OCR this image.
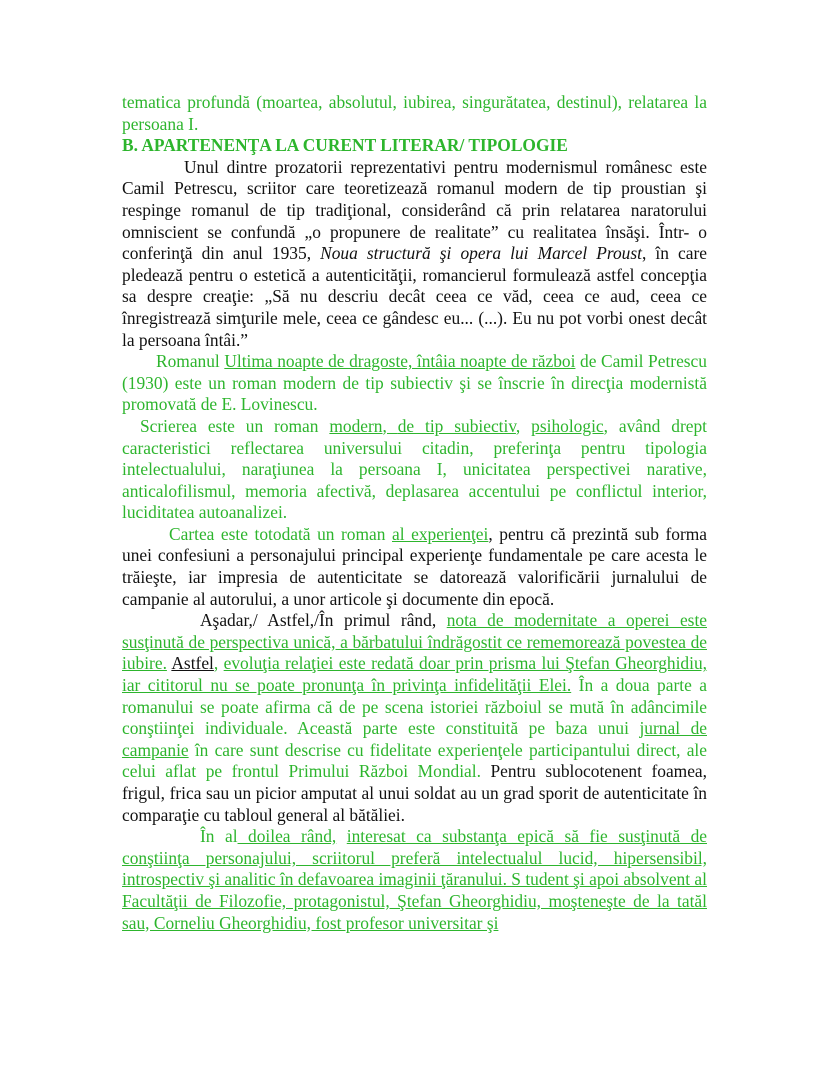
tematica profundă (moartea, absolutul, iubirea, singurătatea, destinul), relatarea la persoana I.

B. APARTENENŢA LA CURENT LITERAR/ TIPOLOGIE

Unul dintre prozatorii reprezentativi pentru modernismul românesc este Camil Petrescu, scriitor care teoretizează romanul modern de tip proustian şi respinge romanul de tip tradiţional, considerând că prin relatarea naratorului omniscient se confundă „o propunere de realitate” cu realitatea însăşi. Într- o conferinţă din anul 1935, Noua structură şi opera lui Marcel Proust, în care pledează pentru o estetică a autenticităţii, romancierul formulează astfel concepţia sa despre creaţie: „Să nu descriu decât ceea ce văd, ceea ce aud, ceea ce înregistrează simţurile mele, ceea ce gândesc eu... (...). Eu nu pot vorbi onest decât la persoana întâi.”

Romanul Ultima noapte de dragoste, întâia noapte de război de Camil Petrescu (1930) este un roman modern de tip subiectiv şi se înscrie în direcţia modernistă promovată de E. Lovinescu.

Scrierea este un roman modern, de tip subiectiv, psihologic, având drept caracteristici reflectarea universului citadin, preferinţa pentru tipologia intelectualului, naraţiunea la persoana I, unicitatea perspectivei narative, anticalofilismul, memoria afectivă, deplasarea accentului pe conflictul interior, luciditatea autoanalizei.

Cartea este totodată un roman al experienţei, pentru că prezintă sub forma unei confesiuni a personajului principal experienţe fundamentale pe care acesta le trăieşte, iar impresia de autenticitate se datorează valorificării jurnalului de campanie al autorului, a unor articole şi documente din epocă.

Aşadar,/ Astfel,/În primul rând, nota de modernitate a operei este susţinută de perspectiva unică, a bărbatului îndrăgostit ce rememorează povestea de iubire. Astfel, evoluţia relaţiei este redată doar prin prisma lui Ştefan Gheorghidiu, iar cititorul nu se poate pronunţa în privinţa infidelităţii Elei. În a doua parte a romanului se poate afirma că de pe scena istoriei războiul se mută în adâncimile conştiinţei individuale. Această parte este constituită pe baza unui jurnal de campanie în care sunt descrise cu fidelitate experienţele participantului direct, ale celui aflat pe frontul Primului Război Mondial. Pentru sublocotenent foamea, frigul, frica sau un picior amputat al unui soldat au un grad sporit de autenticitate în comparaţie cu tabloul general al bătăliei.

În al doilea rând, interesat ca substanţa epică să fie susţinută de conştiinţa personajului, scriitorul preferă intelectualul lucid, hipersensibil, introspectiv şi analitic în defavoarea imaginii ţăranului. S tudent şi apoi absolvent al Facultăţii de Filozofie, protagonistul, Ştefan Gheorghidiu, moşteneşte de la tatăl sau, Corneliu Gheorghidiu, fost profesor universitar şi
